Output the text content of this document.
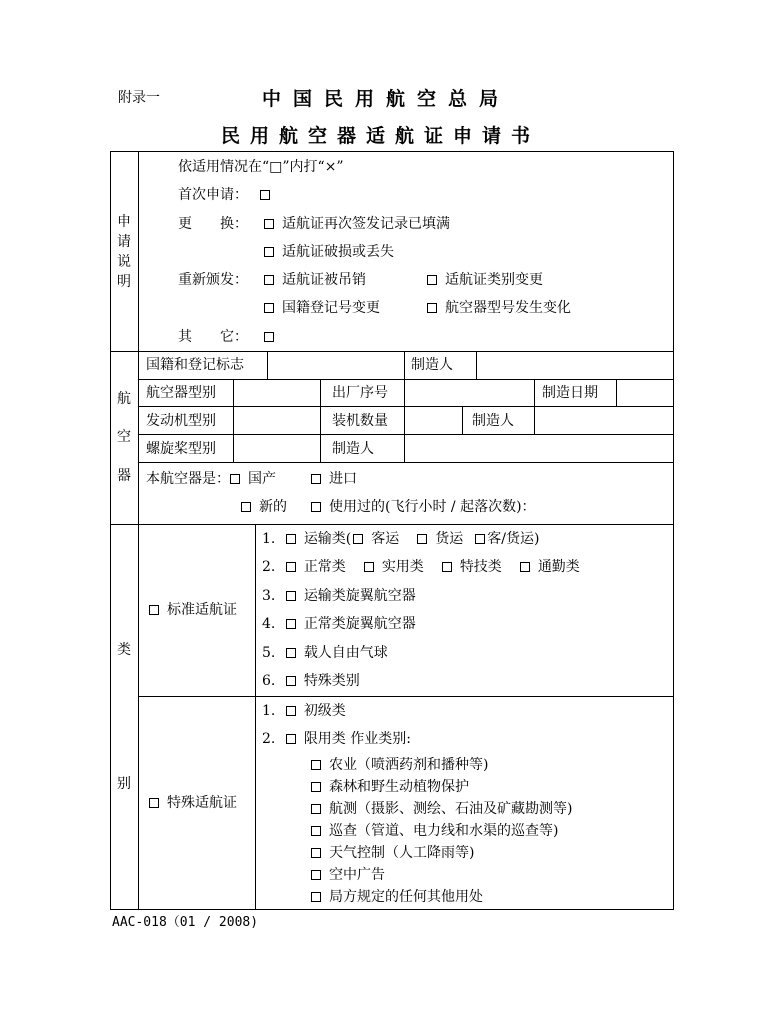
附录一	中国民用航空总局
民用航空器适航证申请书
申请说明
航
空
器
类
别
依适用情况在“□”内打“×”
首次申请：
更　　换：	适航证再次签发记录已填满
适航证破损或丢失
重新颁发：	适航证被吊销	适航证类别变更
国籍登记号变更	航空器型号发生变化
其　　它：
国籍和登记标志	制造人
航空器型别	出厂序号	制造日期
发动机型别	装机数量	制造人
螺旋桨型别	制造人
本航空器是： 国产	进口
新的	使用过的(飞行小时 / 起落次数)：
标准适航证
1. 运输类( 客运	货运 客/货运)
2. 正常类	实用类	特技类	通勤类
3. 运输类旋翼航空器
4. 正常类旋翼航空器
5. 载人自由气球
6. 特殊类别
特殊适航证
1. 初级类
2. 限用类 作业类别:
农业（喷洒药剂和播种等)
森林和野生动植物保护
航测（摄影、测绘、石油及矿藏勘测等)
巡查（管道、电力线和水渠的巡查等)
天气控制（人工降雨等)
空中广告
局方规定的任何其他用处
AAC-018（01 / 2008)
